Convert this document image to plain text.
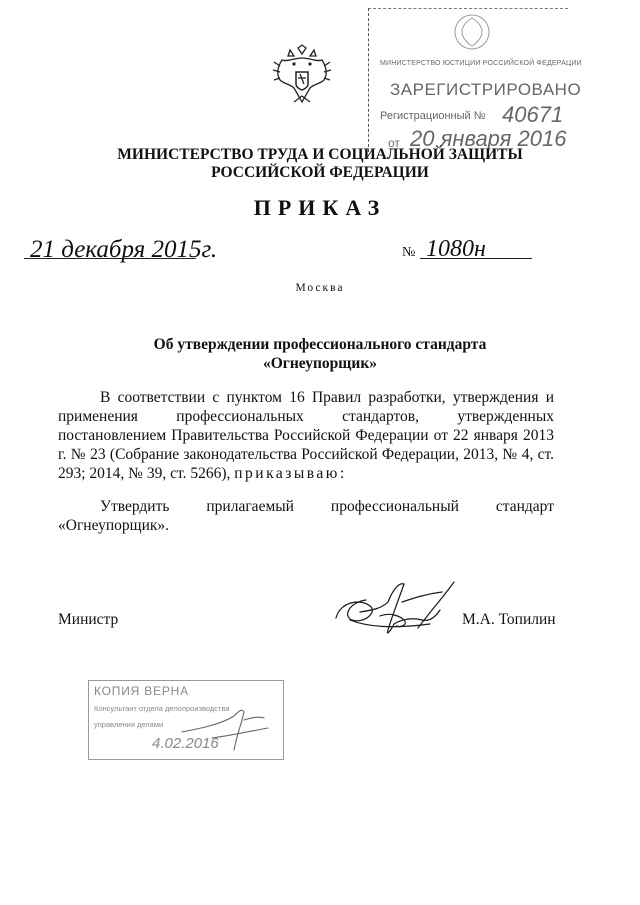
МИНИСТЕРСТВО ЮСТИЦИИ РОССИЙСКОЙ ФЕДЕРАЦИИ
ЗАРЕГИСТРИРОВАНО
Регистрационный № 40671
от 20 января 2016
МИНИСТЕРСТВО ТРУДА И СОЦИАЛЬНОЙ ЗАЩИТЫ
РОССИЙСКОЙ ФЕДЕРАЦИИ
ПРИКАЗ
21 декабря 2015г.	№ 1080н
Москва
Об утверждении профессионального стандарта
«Огнеупорщик»
В соответствии с пунктом 16 Правил разработки, утверждения и применения профессиональных стандартов, утвержденных постановлением Правительства Российской Федерации от 22 января 2013 г. № 23 (Собрание законодательства Российской Федерации, 2013, № 4, ст. 293; 2014, № 39, ст. 5266), приказываю:
Утвердить прилагаемый профессиональный стандарт «Огнеупорщик».
Министр	М.А. Топилин
КОПИЯ ВЕРНА
Консультант отдела делопроизводства
управления делами
4.02.2016
